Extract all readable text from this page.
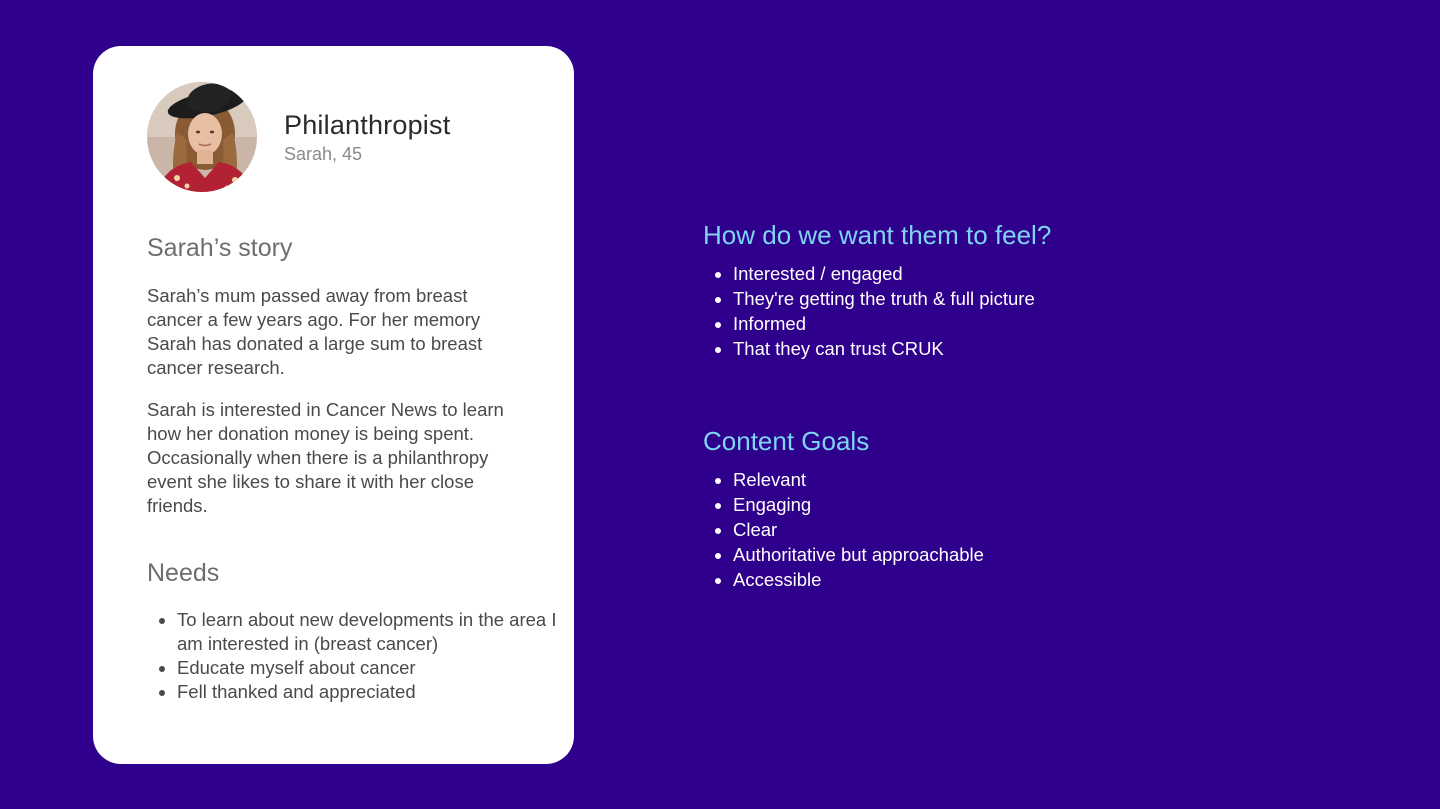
Philanthropist
Sarah, 45
Sarah’s story

Sarah’s mum passed away from breast cancer a few years ago. For her memory Sarah has donated a large sum to breast cancer research.

Sarah is interested in Cancer News to learn how her donation money is being spent. Occasionally when there is a philanthropy event she likes to share it with her close friends.

Needs
• To learn about new developments in the area I am interested in (breast cancer)
• Educate myself about cancer
• Fell thanked and appreciated
How do we want them to feel?
• Interested / engaged
• They're getting the truth & full picture
• Informed
• That they can trust CRUK
Content Goals
• Relevant
• Engaging
• Clear
• Authoritative but approachable
• Accessible
